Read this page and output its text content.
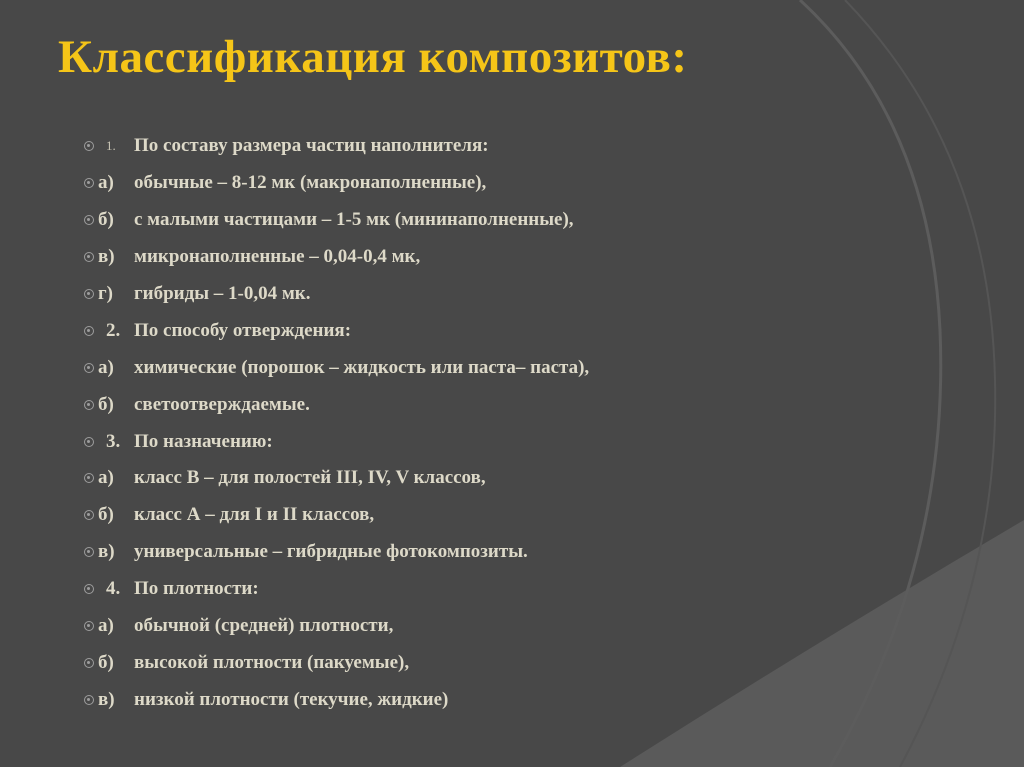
Классификация композитов:
1. По составу размера частиц наполнителя:
а)	обычные – 8-12 мк (макронаполненные),
б)	с малыми частицами – 1-5 мк (мининаполненные),
в)	микронаполненные – 0,04-0,4 мк,
г)	гибриды – 1-0,04 мк.
2. По способу отверждения:
а)	химические (порошок – жидкость или паста– паста),
б)	светоотверждаемые.
3. По назначению:
а)	класс В – для полостей III, IV, V классов,
б)	класс А – для I и II классов,
в)	универсальные – гибридные фотокомпозиты.
4. По плотности:
а)	обычной (средней) плотности,
б)	высокой плотности (пакуемые),
в)	низкой плотности (текучие, жидкие)
